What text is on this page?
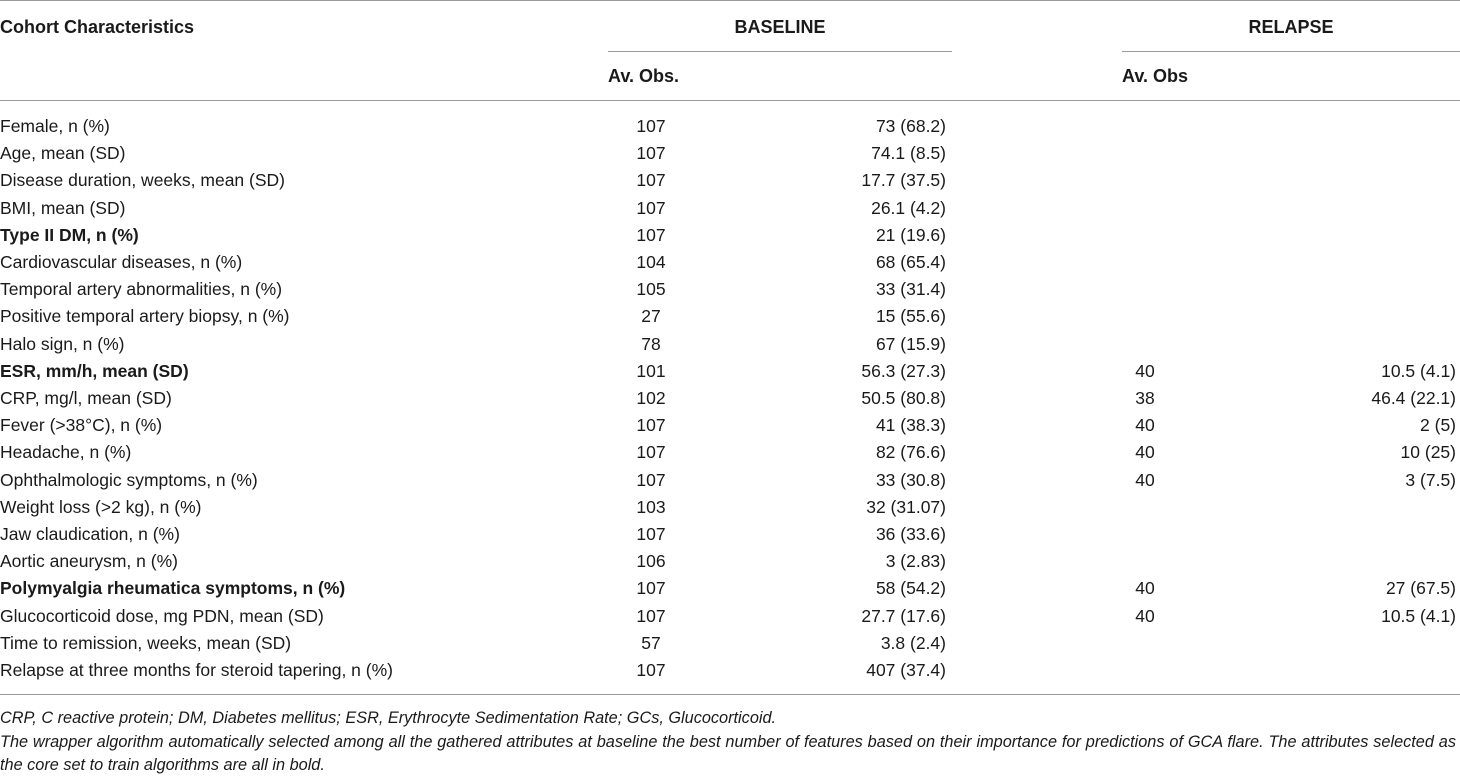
Cohort Characteristics	BASELINE	RELAPSE
Av. Obs.	Av. Obs
Female, n (%)	107	73 (68.2)
Age, mean (SD)	107	74.1 (8.5)
Disease duration, weeks, mean (SD)	107	17.7 (37.5)
BMI, mean (SD)	107	26.1 (4.2)
Type II DM, n (%)	107	21 (19.6)
Cardiovascular diseases, n (%)	104	68 (65.4)
Temporal artery abnormalities, n (%)	105	33 (31.4)
Positive temporal artery biopsy, n (%)	27	15 (55.6)
Halo sign, n (%)	78	67 (15.9)
ESR, mm/h, mean (SD)	101	56.3 (27.3)	40	10.5 (4.1)
CRP, mg/l, mean (SD)	102	50.5 (80.8)	38	46.4 (22.1)
Fever (>38°C), n (%)	107	41 (38.3)	40	2 (5)
Headache, n (%)	107	82 (76.6)	40	10 (25)
Ophthalmologic symptoms, n (%)	107	33 (30.8)	40	3 (7.5)
Weight loss (>2 kg), n (%)	103	32 (31.07)
Jaw claudication, n (%)	107	36 (33.6)
Aortic aneurysm, n (%)	106	3 (2.83)
Polymyalgia rheumatica symptoms, n (%)	107	58 (54.2)	40	27 (67.5)
Glucocorticoid dose, mg PDN, mean (SD)	107	27.7 (17.6)	40	10.5 (4.1)
Time to remission, weeks, mean (SD)	57	3.8 (2.4)
Relapse at three months for steroid tapering, n (%)	107	407 (37.4)
CRP, C reactive protein; DM, Diabetes mellitus; ESR, Erythrocyte Sedimentation Rate; GCs, Glucocorticoid.
The wrapper algorithm automatically selected among all the gathered attributes at baseline the best number of features based on their importance for predictions of GCA flare. The attributes selected as the core set to train algorithms are all in bold.
